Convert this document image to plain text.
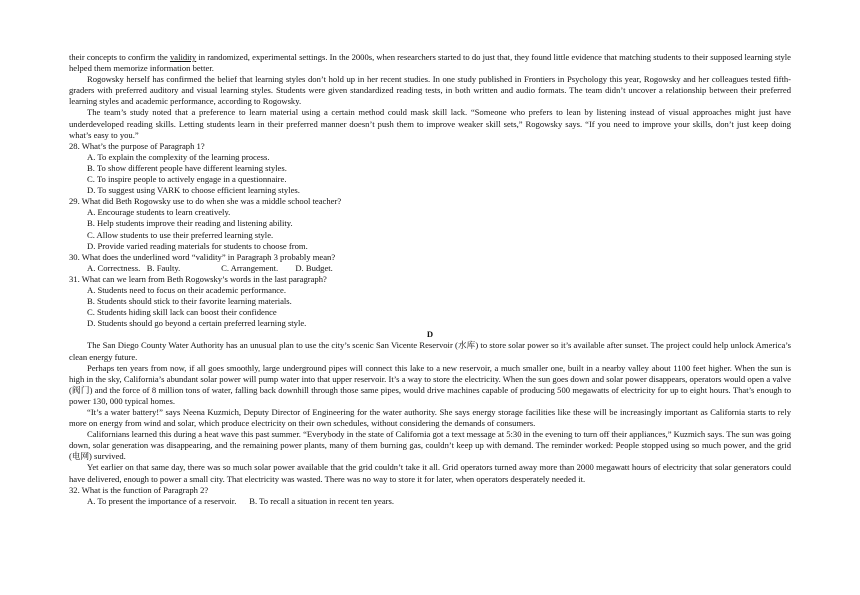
their concepts to confirm the validity in randomized, experimental settings. In the 2000s, when researchers started to do just that, they found little evidence that matching students to their supposed learning style helped them memorize information better.

Rogowsky herself has confirmed the belief that learning styles don’t hold up in her recent studies. In one study published in Frontiers in Psychology this year, Rogowsky and her colleagues tested fifth-graders with preferred auditory and visual learning styles. Students were given standardized reading tests, in both written and audio formats. The team didn’t uncover a relationship between their preferred learning styles and academic performance, according to Rogowsky.

The team’s study noted that a preference to learn material using a certain method could mask skill lack. “Someone who prefers to lean by listening instead of visual approaches might just have underdeveloped reading skills. Letting students learn in their preferred manner doesn’t push them to improve weaker skill sets,” Rogowsky says. “If you need to improve your skills, don’t just keep doing what’s easy to you.”

28. What’s the purpose of Paragraph 1?

A. To explain the complexity of the learning process.

B. To show different people have different learning styles.

C. To inspire people to actively engage in a questionnaire.

D. To suggest using VARK to choose efficient learning styles.

29. What did Beth Rogowsky use to do when she was a middle school teacher?

A. Encourage students to learn creatively.

B. Help students improve their reading and listening ability.

C. Allow students to use their preferred learning style.

D. Provide varied reading materials for students to choose from.

30. What does the underlined word “validity” in Paragraph 3 probably mean?

A. Correctness. B. Faulty.	C. Arrangement. D. Budget.

31. What can we learn from Beth Rogowsky’s words in the last paragraph?

A. Students need to focus on their academic performance.

B. Students should stick to their favorite learning materials.

C. Students hiding skill lack can boost their confidence

D. Students should go beyond a certain preferred learning style.

D

The San Diego County Water Authority has an unusual plan to use the city’s scenic San Vicente Reservoir (水库) to store solar power so it’s available after sunset. The project could help unlock America’s clean energy future.

Perhaps ten years from now, if all goes smoothly, large underground pipes will connect this lake to a new reservoir, a much smaller one, built in a nearby valley about 1100 feet higher. When the sun is high in the sky, California’s abundant solar power will pump water into that upper reservoir. It’s a way to store the electricity. When the sun goes down and solar power disappears, operators would open a valve (阀门) and the force of 8 million tons of water, falling back downhill through those same pipes, would drive machines capable of producing 500 megawatts of electricity for up to eight hours. That’s enough to power 130, 000 typical homes.

“It’s a water battery!” says Neena Kuzmich, Deputy Director of Engineering for the water authority. She says energy storage facilities like these will be increasingly important as California starts to rely more on energy from wind and solar, which produce electricity on their own schedules, without considering the demands of consumers.

Californians learned this during a heat wave this past summer. “Everybody in the state of California got a text message at 5:30 in the evening to turn off their appliances,” Kuzmich says. The sun was going down, solar generation was disappearing, and the remaining power plants, many of them burning gas, couldn’t keep up with demand. The reminder worked: People stopped using so much power, and the grid (电网) survived.

Yet earlier on that same day, there was so much solar power available that the grid couldn’t take it all. Grid operators turned away more than 2000 megawatt hours of electricity that solar generators could have delivered, enough to power a small city. That electricity was wasted. There was no way to store it for later, when operators desperately needed it.

32. What is the function of Paragraph 2?

A. To present the importance of a reservoir. B. To recall a situation in recent ten years.
